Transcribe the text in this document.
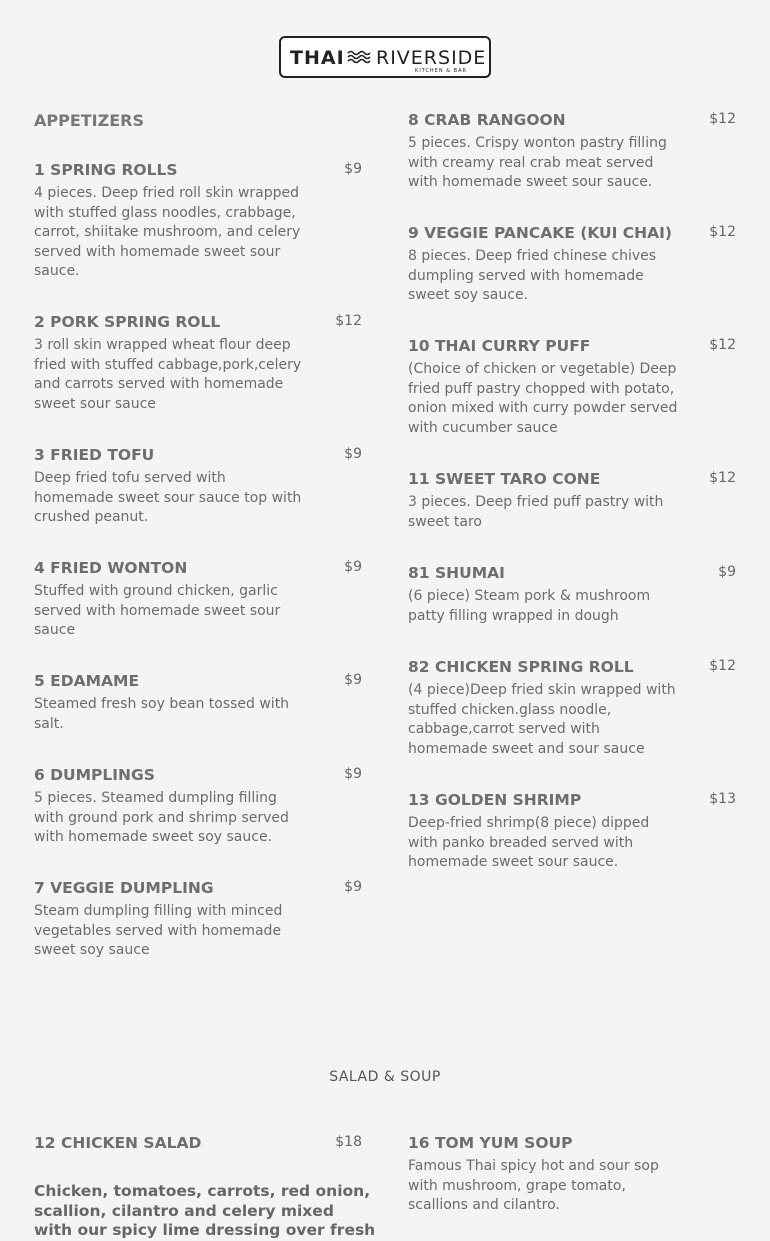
THAI RIVERSIDE
KITCHEN & BAR
APPETIZERS
SALAD & SOUP
1 SPRING ROLLS	$9
4 pieces. Deep fried roll skin wrapped
with stuffed glass noodles, crabbage,
carrot, shiitake mushroom, and celery
served with homemade sweet sour
sauce.
2 PORK SPRING ROLL	$12
3 roll skin wrapped wheat flour deep
fried with stuffed cabbage,pork,celery
and carrots served with homemade
sweet sour sauce
3 FRIED TOFU	$9
Deep fried tofu served with
homemade sweet sour sauce top with
crushed peanut.
4 FRIED WONTON	$9
Stuffed with ground chicken, garlic
served with homemade sweet sour
sauce
5 EDAMAME	$9
Steamed fresh soy bean tossed with
salt.
6 DUMPLINGS	$9
5 pieces. Steamed dumpling filling
with ground pork and shrimp served
with homemade sweet soy sauce.
7 VEGGIE DUMPLING	$9
Steam dumpling filling with minced
vegetables served with homemade
sweet soy sauce
8 CRAB RANGOON	$12
5 pieces. Crispy wonton pastry filling
with creamy real crab meat served
with homemade sweet sour sauce.
9 VEGGIE PANCAKE (KUI CHAI)	$12
8 pieces. Deep fried chinese chives
dumpling served with homemade
sweet soy sauce.
10 THAI CURRY PUFF	$12
(Choice of chicken or vegetable) Deep
fried puff pastry chopped with potato,
onion mixed with curry powder served
with cucumber sauce
11 SWEET TARO CONE	$12
3 pieces. Deep fried puff pastry with
sweet taro
81 SHUMAI	$9
(6 piece) Steam pork & mushroom
patty filling wrapped in dough
82 CHICKEN SPRING ROLL	$12
(4 piece)Deep fried skin wrapped with
stuffed chicken.glass noodle,
cabbage,carrot served with
homemade sweet and sour sauce
13 GOLDEN SHRIMP	$13
Deep-fried shrimp(8 piece) dipped
with panko breaded served with
homemade sweet sour sauce.
12 CHICKEN SALAD	$18
Chicken, tomatoes, carrots, red onion,
scallion, cilantro and celery mixed
with our spicy lime dressing over fresh
16 TOM YUM SOUP
Famous Thai spicy hot and sour sop
with mushroom, grape tomato,
scallions and cilantro.
